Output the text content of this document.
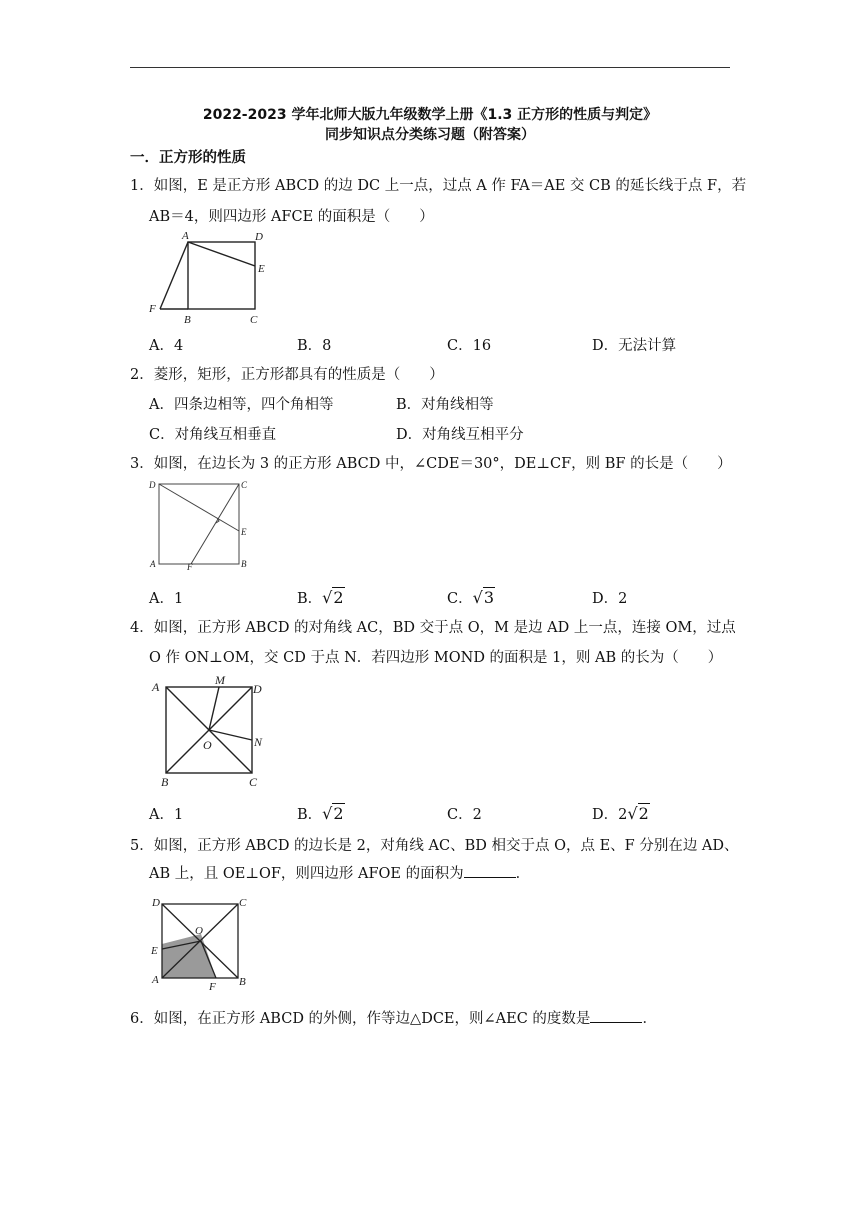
2022-2023 学年北师大版九年级数学上册《1.3 正方形的性质与判定》
同步知识点分类练习题（附答案）
一．正方形的性质
1．如图，E 是正方形 ABCD 的边 DC 上一点，过点 A 作 FA＝AE 交 CB 的延长线于点 F，若
AB＝4，则四边形 AFCE 的面积是（　　）
A	D
E
F
B	C
A．4	B．8	C．16	D．无法计算
2．菱形，矩形，正方形都具有的性质是（　　）
A．四条边相等，四个角相等	B．对角线相等
C．对角线互相垂直	D．对角线互相平分
3．如图，在边长为 3 的正方形 ABCD 中，∠CDE＝30°，DE⊥CF，则 BF 的长是（　　）
D	C
E
A	F	B
A．1	B．√2	C．√3	D．2
4．如图，正方形 ABCD 的对角线 AC，BD 交于点 O，M 是边 AD 上一点，连接 OM，过点
O 作 ON⊥OM，交 CD 于点 N．若四边形 MOND 的面积是 1，则 AB 的长为（　　）
A	M
D
O	N
B	C
A．1	B．√2	C．2	D．2√2
5．如图，正方形 ABCD 的边长是 2，对角线 AC、BD 相交于点 O，点 E、F 分别在边 AD、
AB 上，且 OE⊥OF，则四边形 AFOE 的面积为	．
D	C
O
E
A
F B
6．如图，在正方形 ABCD 的外侧，作等边△DCE，则∠AEC 的度数是	．
